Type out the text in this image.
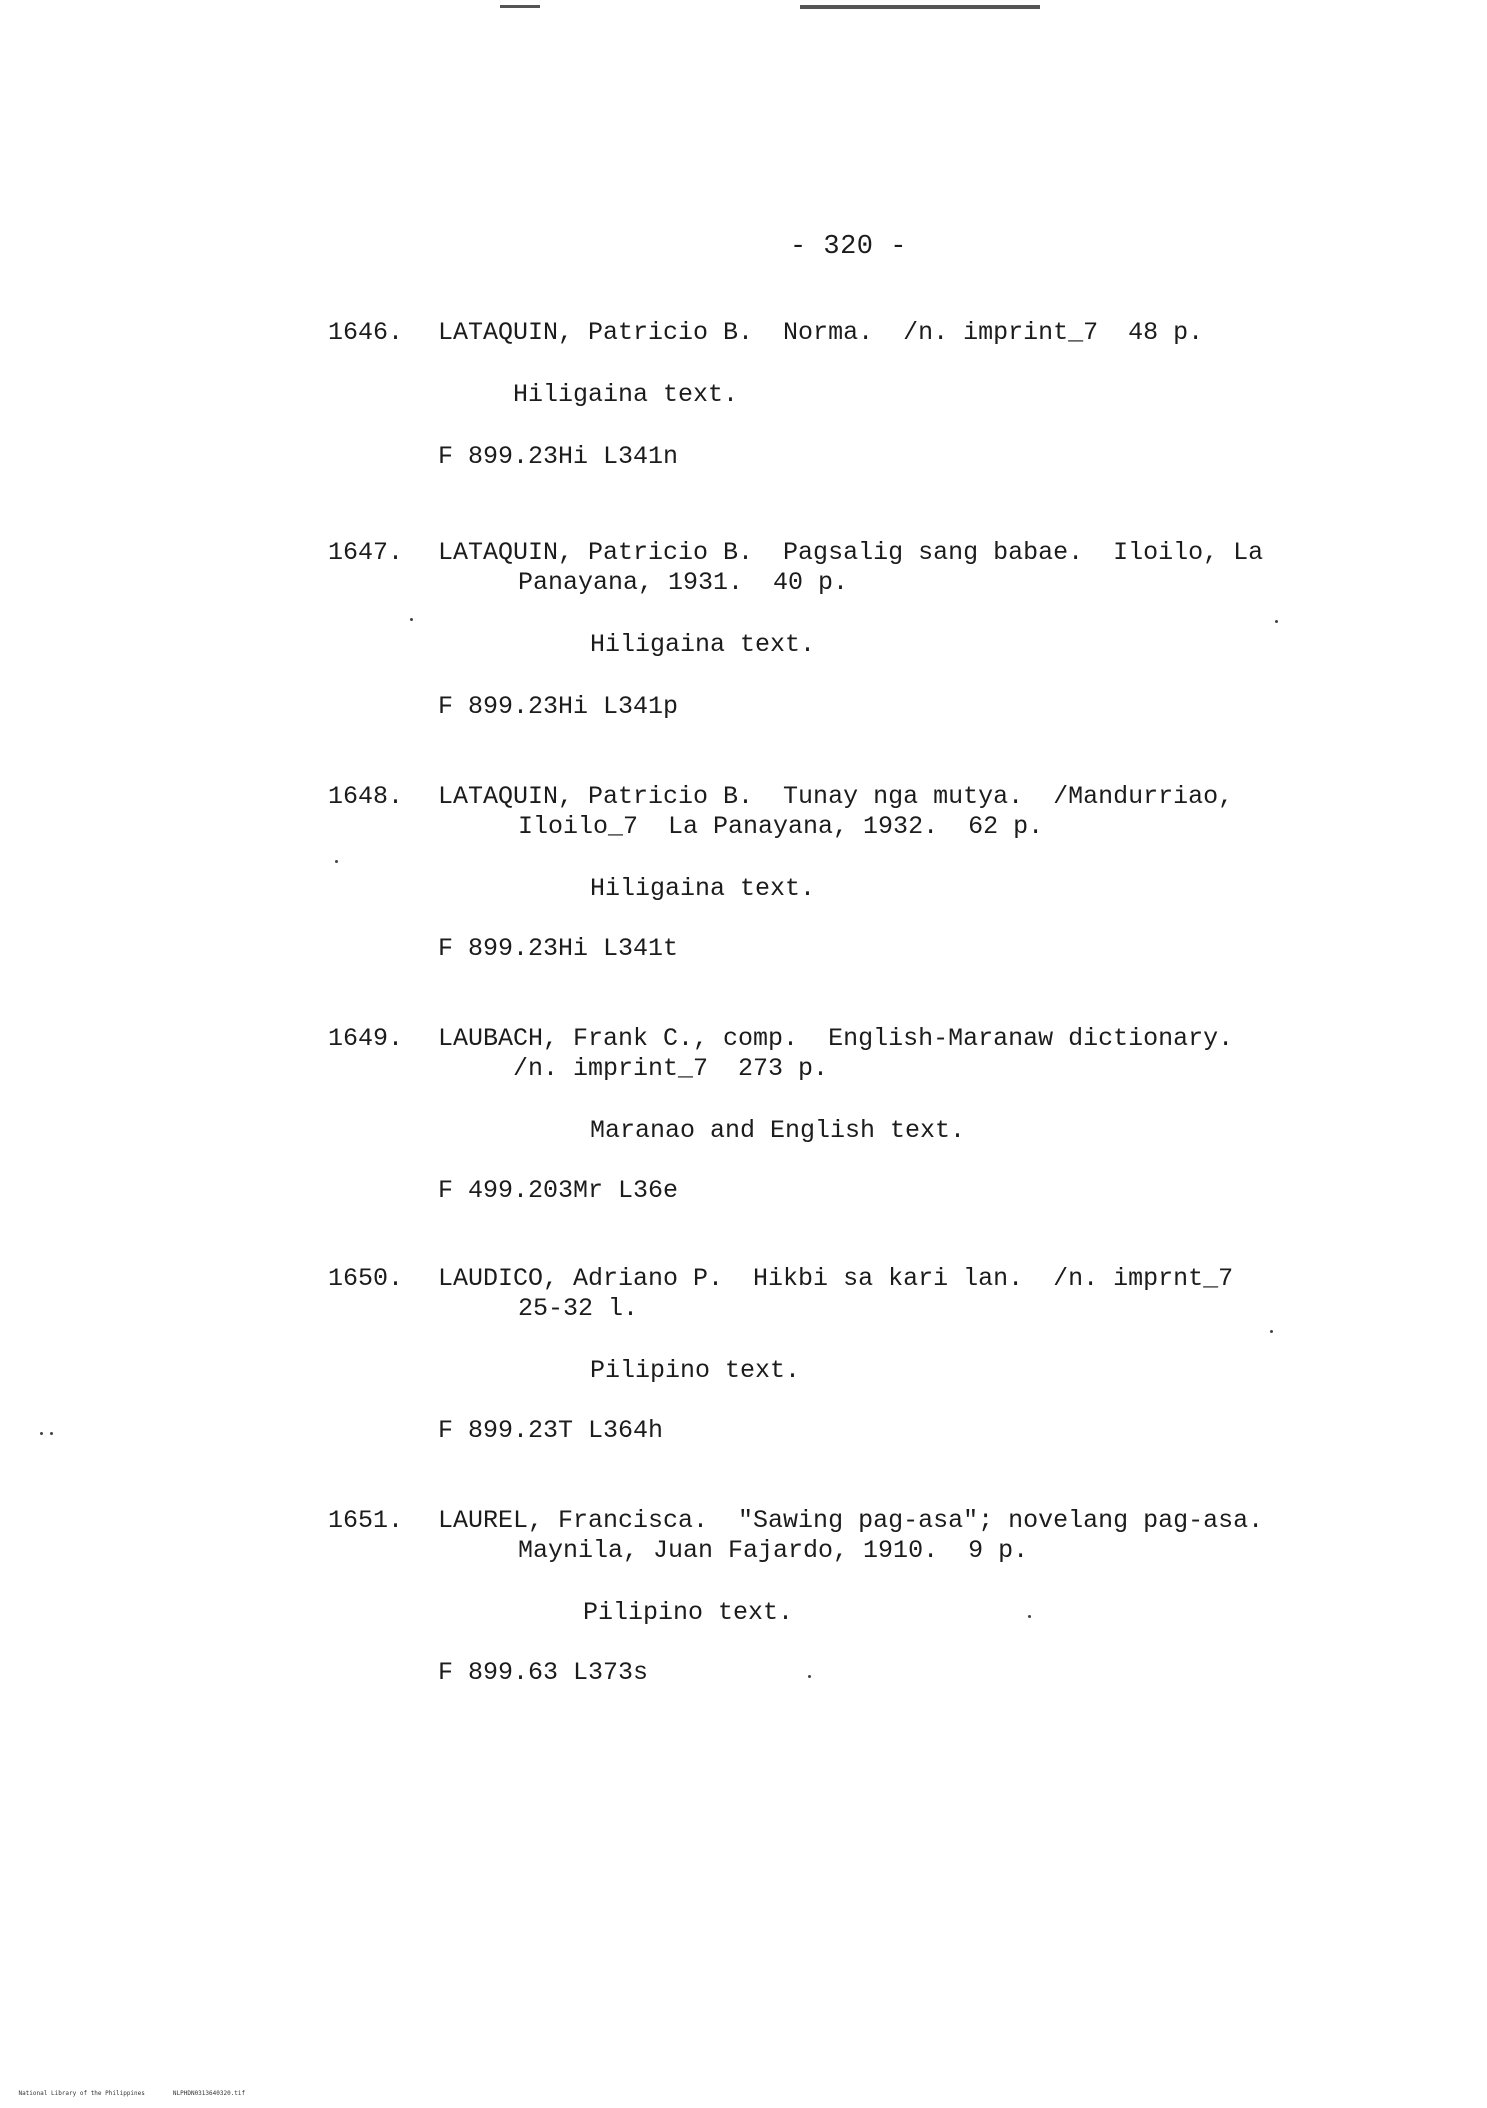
- 320 -

1646.

LATAQUIN, Patricio B.  Norma.  /n. imprint_7  48 p.

Hiligaina text.
F 899.23Hi L341n

1647.

LATAQUIN, Patricio B.  Pagsalig sang babae.  Iloilo, La

Panayana, 1931.  40 p.
Hiligaina text.
F 899.23Hi L341p

1648.

LATAQUIN, Patricio B.  Tunay nga mutya.  /Mandurriao,

Iloilo_7  La Panayana, 1932.  62 p.
Hiligaina text.
F 899.23Hi L341t

1649.

LAUBACH, Frank C., comp.  English-Maranaw dictionary.

/n. imprint_7  273 p.
Maranao and English text.
F 499.203Mr L36e

1650.

LAUDICO, Adriano P.  Hikbi sa kari lan.  /n. imprnt_7

25-32 l.
Pilipino text.
F 899.23T L364h

1651.

LAUREL, Francisca.  "Sawing pag-asa"; novelang pag-asa.

Maynila, Juan Fajardo, 1910.  9 p.
Pilipino text.
F 899.63 L373s

National Library of the Philippines	NLPHDN0313640320.tif
